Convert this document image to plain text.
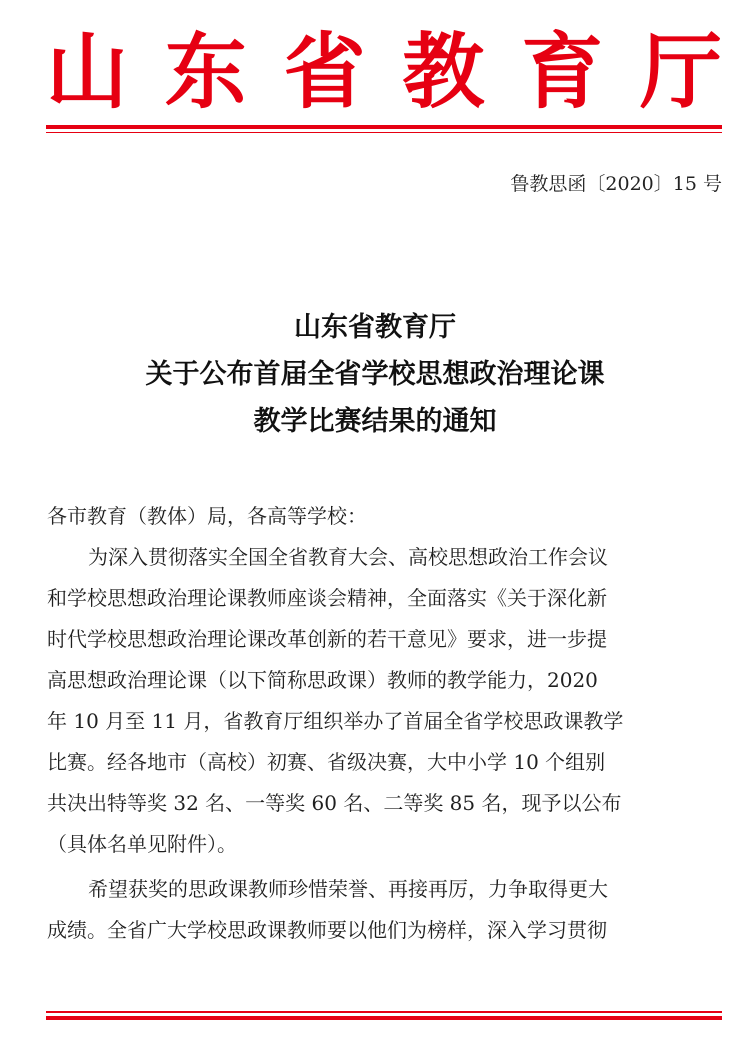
山 东 省 教 育 厅
鲁教思函〔2020〕15 号
山东省教育厅
关于公布首届全省学校思想政治理论课
教学比赛结果的通知
各市教育（教体）局，各高等学校：
为深入贯彻落实全国全省教育大会、高校思想政治工作会议
和学校思想政治理论课教师座谈会精神，全面落实《关于深化新
时代学校思想政治理论课改革创新的若干意见》要求，进一步提
高思想政治理论课（以下简称思政课）教师的教学能力，2020
年 10 月至 11 月，省教育厅组织举办了首届全省学校思政课教学
比赛。经各地市（高校）初赛、省级决赛，大中小学 10 个组别
共决出特等奖 32 名、一等奖 60 名、二等奖 85 名，现予以公布
（具体名单见附件）。
希望获奖的思政课教师珍惜荣誉、再接再厉，力争取得更大
成绩。全省广大学校思政课教师要以他们为榜样，深入学习贯彻
